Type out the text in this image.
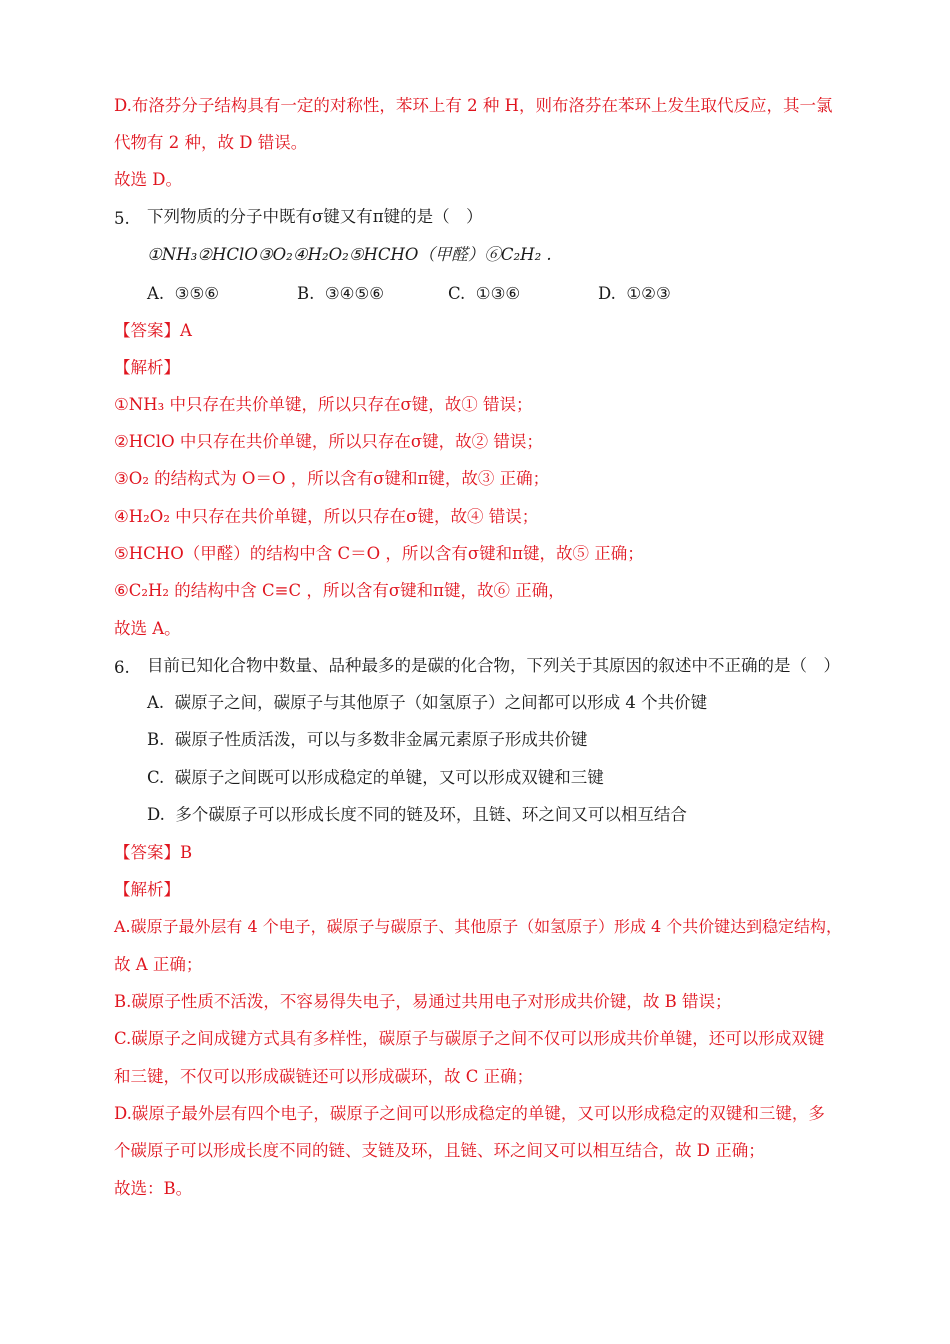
D.布洛芬分子结构具有一定的对称性，苯环上有 2 种 H，则布洛芬在苯环上发生取代反应，其一氯
代物有 2 种，故 D 错误。
故选 D。
5. 下列物质的分子中既有σ键又有π键的是（　）
①NH₃②HClO③O₂④H₂O₂⑤HCHO（甲醛）⑥C₂H₂ .
A. ③⑤⑥	B. ③④⑤⑥	C. ①③⑥	D. ①②③
【答案】A
【解析】
①NH₃ 中只存在共价单键，所以只存在σ键，故① 错误；
②HClO 中只存在共价单键，所以只存在σ键，故② 错误；
③O₂ 的结构式为 O＝O ，所以含有σ键和π键，故③ 正确；
④H₂O₂ 中只存在共价单键，所以只存在σ键，故④ 错误；
⑤HCHO（甲醛）的结构中含 C＝O ，所以含有σ键和π键，故⑤ 正确；
⑥C₂H₂ 的结构中含 C≡C ，所以含有σ键和π键，故⑥ 正确，
故选 A。
6. 目前已知化合物中数量、品种最多的是碳的化合物，下列关于其原因的叙述中不正确的是（　）
A. 碳原子之间，碳原子与其他原子（如氢原子）之间都可以形成 4 个共价键
B. 碳原子性质活泼，可以与多数非金属元素原子形成共价键
C. 碳原子之间既可以形成稳定的单键，又可以形成双键和三键
D. 多个碳原子可以形成长度不同的链及环，且链、环之间又可以相互结合
【答案】B
【解析】
A.碳原子最外层有 4 个电子，碳原子与碳原子、其他原子（如氢原子）形成 4 个共价键达到稳定结构，
故 A 正确；
B.碳原子性质不活泼，不容易得失电子，易通过共用电子对形成共价键，故 B 错误；
C.碳原子之间成键方式具有多样性，碳原子与碳原子之间不仅可以形成共价单键，还可以形成双键
和三键，不仅可以形成碳链还可以形成碳环，故 C 正确；
D.碳原子最外层有四个电子，碳原子之间可以形成稳定的单键，又可以形成稳定的双键和三键，多
个碳原子可以形成长度不同的链、支链及环，且链、环之间又可以相互结合，故 D 正确；
故选：B。
